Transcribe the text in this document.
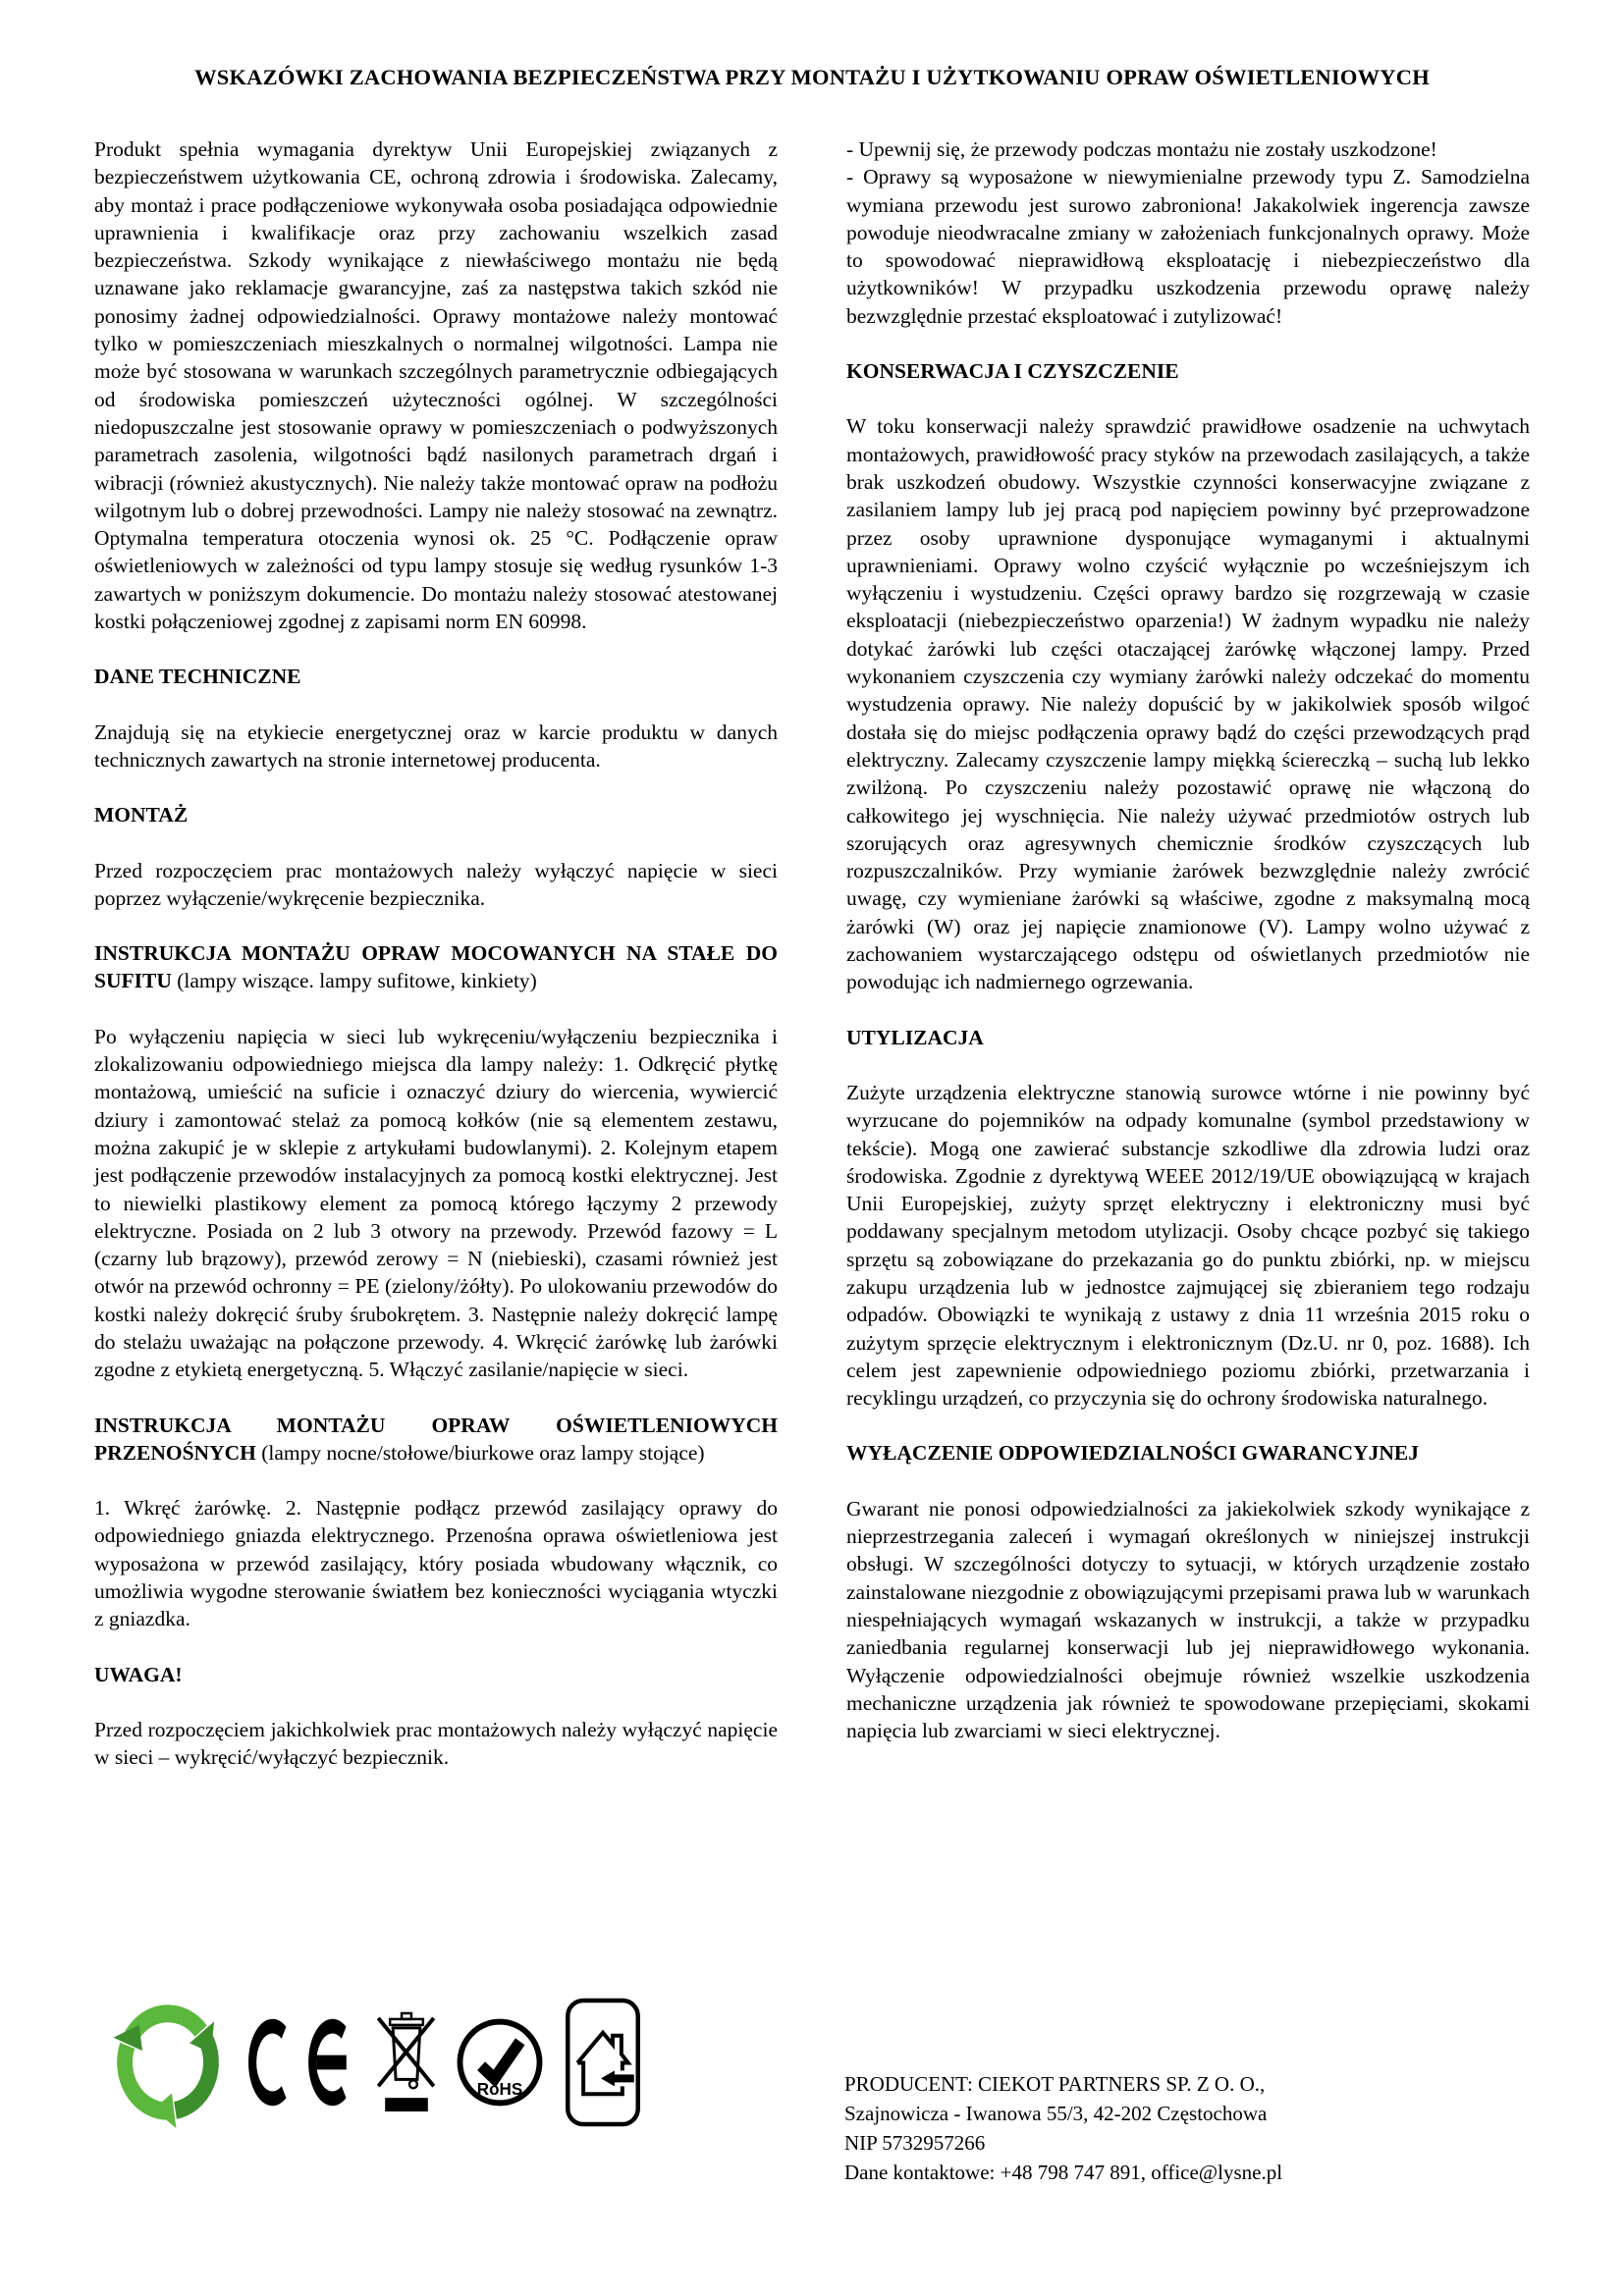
WSKAZÓWKI ZACHOWANIA BEZPIECZEŃSTWA PRZY MONTAŻU I UŻYTKOWANIU OPRAW OŚWIETLENIOWYCH

Produkt spełnia wymagania dyrektyw Unii Europejskiej związanych z bezpieczeństwem użytkowania CE, ochroną zdrowia i środowiska. Zalecamy, aby montaż i prace podłączeniowe wykonywała osoba posiadająca odpowiednie uprawnienia i kwalifikacje oraz przy zachowaniu wszelkich zasad bezpieczeństwa. Szkody wynikające z niewłaściwego montażu nie będą uznawane jako reklamacje gwarancyjne, zaś za następstwa takich szkód nie ponosimy żadnej odpowiedzialności. Oprawy montażowe należy montować tylko w pomieszczeniach mieszkalnych o normalnej wilgotności. Lampa nie może być stosowana w warunkach szczególnych parametrycznie odbiegających od środowiska pomieszczeń użyteczności ogólnej. W szczególności niedopuszczalne jest stosowanie oprawy w pomieszczeniach o podwyższonych parametrach zasolenia, wilgotności bądź nasilonych parametrach drgań i wibracji (również akustycznych). Nie należy także montować opraw na podłożu wilgotnym lub o dobrej przewodności. Lampy nie należy stosować na zewnątrz. Optymalna temperatura otoczenia wynosi ok. 25 °C. Podłączenie opraw oświetleniowych w zależności od typu lampy stosuje się według rysunków 1-3 zawartych w poniższym dokumencie. Do montażu należy stosować atestowanej kostki połączeniowej zgodnej z zapisami norm EN 60998.

DANE TECHNICZNE

Znajdują się na etykiecie energetycznej oraz w karcie produktu w danych technicznych zawartych na stronie internetowej producenta.

MONTAŻ

Przed rozpoczęciem prac montażowych należy wyłączyć napięcie w sieci poprzez wyłączenie/wykręcenie bezpiecznika.

INSTRUKCJA MONTAŻU OPRAW MOCOWANYCH NA STAŁE DO SUFITU (lampy wiszące. lampy sufitowe, kinkiety)

Po wyłączeniu napięcia w sieci lub wykręceniu/wyłączeniu bezpiecznika i zlokalizowaniu odpowiedniego miejsca dla lampy należy: 1. Odkręcić płytkę montażową, umieścić na suficie i oznaczyć dziury do wiercenia, wywiercić dziury i zamontować stelaż za pomocą kołków (nie są elementem zestawu, można zakupić je w sklepie z artykułami budowlanymi). 2. Kolejnym etapem jest podłączenie przewodów instalacyjnych za pomocą kostki elektrycznej. Jest to niewielki plastikowy element za pomocą którego łączymy 2 przewody elektryczne. Posiada on 2 lub 3 otwory na przewody. Przewód fazowy = L (czarny lub brązowy), przewód zerowy = N (niebieski), czasami również jest otwór na przewód ochronny = PE (zielony/żółty). Po ulokowaniu przewodów do kostki należy dokręcić śruby śrubokrętem. 3. Następnie należy dokręcić lampę do stelażu uważając na połączone przewody. 4. Wkręcić żarówkę lub żarówki zgodne z etykietą energetyczną. 5. Włączyć zasilanie/napięcie w sieci.

INSTRUKCJA MONTAŻU OPRAW OŚWIETLENIOWYCH PRZENOŚNYCH (lampy nocne/stołowe/biurkowe oraz lampy stojące)

1. Wkręć żarówkę. 2. Następnie podłącz przewód zasilający oprawy do odpowiedniego gniazda elektrycznego. Przenośna oprawa oświetleniowa jest wyposażona w przewód zasilający, który posiada wbudowany włącznik, co umożliwia wygodne sterowanie światłem bez konieczności wyciągania wtyczki z gniazdka.

UWAGA!

Przed rozpoczęciem jakichkolwiek prac montażowych należy wyłączyć napięcie w sieci – wykręcić/wyłączyć bezpiecznik.

- Upewnij się, że przewody podczas montażu nie zostały uszkodzone!

- Oprawy są wyposażone w niewymienialne przewody typu Z. Samodzielna wymiana przewodu jest surowo zabroniona! Jakakolwiek ingerencja zawsze powoduje nieodwracalne zmiany w założeniach funkcjonalnych oprawy. Może to spowodować nieprawidłową eksploatację i niebezpieczeństwo dla użytkowników! W przypadku uszkodzenia przewodu oprawę należy bezwzględnie przestać eksploatować i zutylizować!

KONSERWACJA I CZYSZCZENIE

W toku konserwacji należy sprawdzić prawidłowe osadzenie na uchwytach montażowych, prawidłowość pracy styków na przewodach zasilających, a także brak uszkodzeń obudowy. Wszystkie czynności konserwacyjne związane z zasilaniem lampy lub jej pracą pod napięciem powinny być przeprowadzone przez osoby uprawnione dysponujące wymaganymi i aktualnymi uprawnieniami. Oprawy wolno czyścić wyłącznie po wcześniejszym ich wyłączeniu i wystudzeniu. Części oprawy bardzo się rozgrzewają w czasie eksploatacji (niebezpieczeństwo oparzenia!) W żadnym wypadku nie należy dotykać żarówki lub części otaczającej żarówkę włączonej lampy. Przed wykonaniem czyszczenia czy wymiany żarówki należy odczekać do momentu wystudzenia oprawy. Nie należy dopuścić by w jakikolwiek sposób wilgoć dostała się do miejsc podłączenia oprawy bądź do części przewodzących prąd elektryczny. Zalecamy czyszczenie lampy miękką ściereczką – suchą lub lekko zwilżoną. Po czyszczeniu należy pozostawić oprawę nie włączoną do całkowitego jej wyschnięcia. Nie należy używać przedmiotów ostrych lub szorujących oraz agresywnych chemicznie środków czyszczących lub rozpuszczalników. Przy wymianie żarówek bezwzględnie należy zwrócić uwagę, czy wymieniane żarówki są właściwe, zgodne z maksymalną mocą żarówki (W) oraz jej napięcie znamionowe (V). Lampy wolno używać z zachowaniem wystarczającego odstępu od oświetlanych przedmiotów nie powodując ich nadmiernego ogrzewania.

UTYLIZACJA

Zużyte urządzenia elektryczne stanowią surowce wtórne i nie powinny być wyrzucane do pojemników na odpady komunalne (symbol przedstawiony w tekście). Mogą one zawierać substancje szkodliwe dla zdrowia ludzi oraz środowiska. Zgodnie z dyrektywą WEEE 2012/19/UE obowiązującą w krajach Unii Europejskiej, zużyty sprzęt elektryczny i elektroniczny musi być poddawany specjalnym metodom utylizacji. Osoby chcące pozbyć się takiego sprzętu są zobowiązane do przekazania go do punktu zbiórki, np. w miejscu zakupu urządzenia lub w jednostce zajmującej się zbieraniem tego rodzaju odpadów. Obowiązki te wynikają z ustawy z dnia 11 września 2015 roku o zużytym sprzęcie elektrycznym i elektronicznym (Dz.U. nr 0, poz. 1688). Ich celem jest zapewnienie odpowiedniego poziomu zbiórki, przetwarzania i recyklingu urządzeń, co przyczynia się do ochrony środowiska naturalnego.

WYŁĄCZENIE ODPOWIEDZIALNOŚCI GWARANCYJNEJ

Gwarant nie ponosi odpowiedzialności za jakiekolwiek szkody wynikające z nieprzestrzegania zaleceń i wymagań określonych w niniejszej instrukcji obsługi. W szczególności dotyczy to sytuacji, w których urządzenie zostało zainstalowane niezgodnie z obowiązującymi przepisami prawa lub w warunkach niespełniających wymagań wskazanych w instrukcji, a także w przypadku zaniedbania regularnej konserwacji lub jej nieprawidłowego wykonania. Wyłączenie odpowiedzialności obejmuje również wszelkie uszkodzenia mechaniczne urządzenia jak również te spowodowane przepięciami, skokami napięcia lub zwarciami w sieci elektrycznej.

RoHS	PRODUCENT: CIEKOT PARTNERS SP. Z O. O.,
Szajnowicza - Iwanowa 55/3, 42-202 Częstochowa
NIP 5732957266
Dane kontaktowe: +48 798 747 891, office@lysne.pl
